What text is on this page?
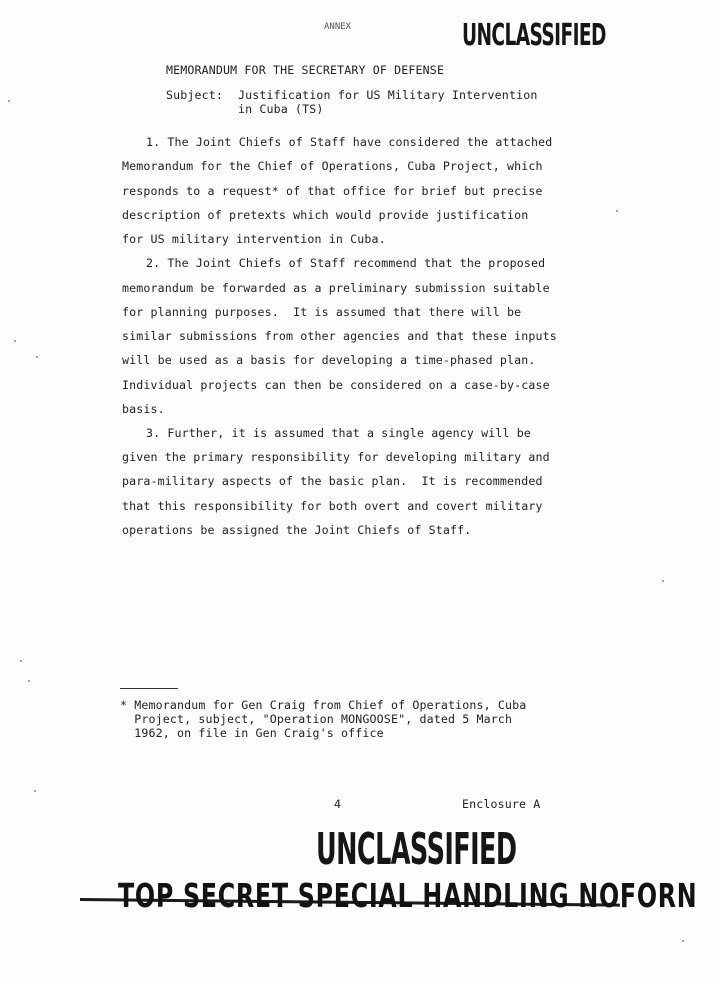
ANNEX	UNCLASSIFIED
MEMORANDUM FOR THE SECRETARY OF DEFENSE
Subject: Justification for US Military Intervention
in Cuba (TS)
1. The Joint Chiefs of Staff have considered the attached
Memorandum for the Chief of Operations, Cuba Project, which
responds to a request* of that office for brief but precise
description of pretexts which would provide justification
for US military intervention in Cuba.
2. The Joint Chiefs of Staff recommend that the proposed
memorandum be forwarded as a preliminary submission suitable
for planning purposes.  It is assumed that there will be
similar submissions from other agencies and that these inputs
will be used as a basis for developing a time-phased plan.
Individual projects can then be considered on a case-by-case
basis.
3. Further, it is assumed that a single agency will be
given the primary responsibility for developing military and
para-military aspects of the basic plan.  It is recommended
that this responsibility for both overt and covert military
operations be assigned the Joint Chiefs of Staff.
* Memorandum for Gen Craig from Chief of Operations, Cuba
Project, subject, "Operation MONGOOSE", dated 5 March
1962, on file in Gen Craig's office
4	Enclosure A
UNCLASSIFIED
TOP SECRET SPECIAL HANDLING NOFORN
